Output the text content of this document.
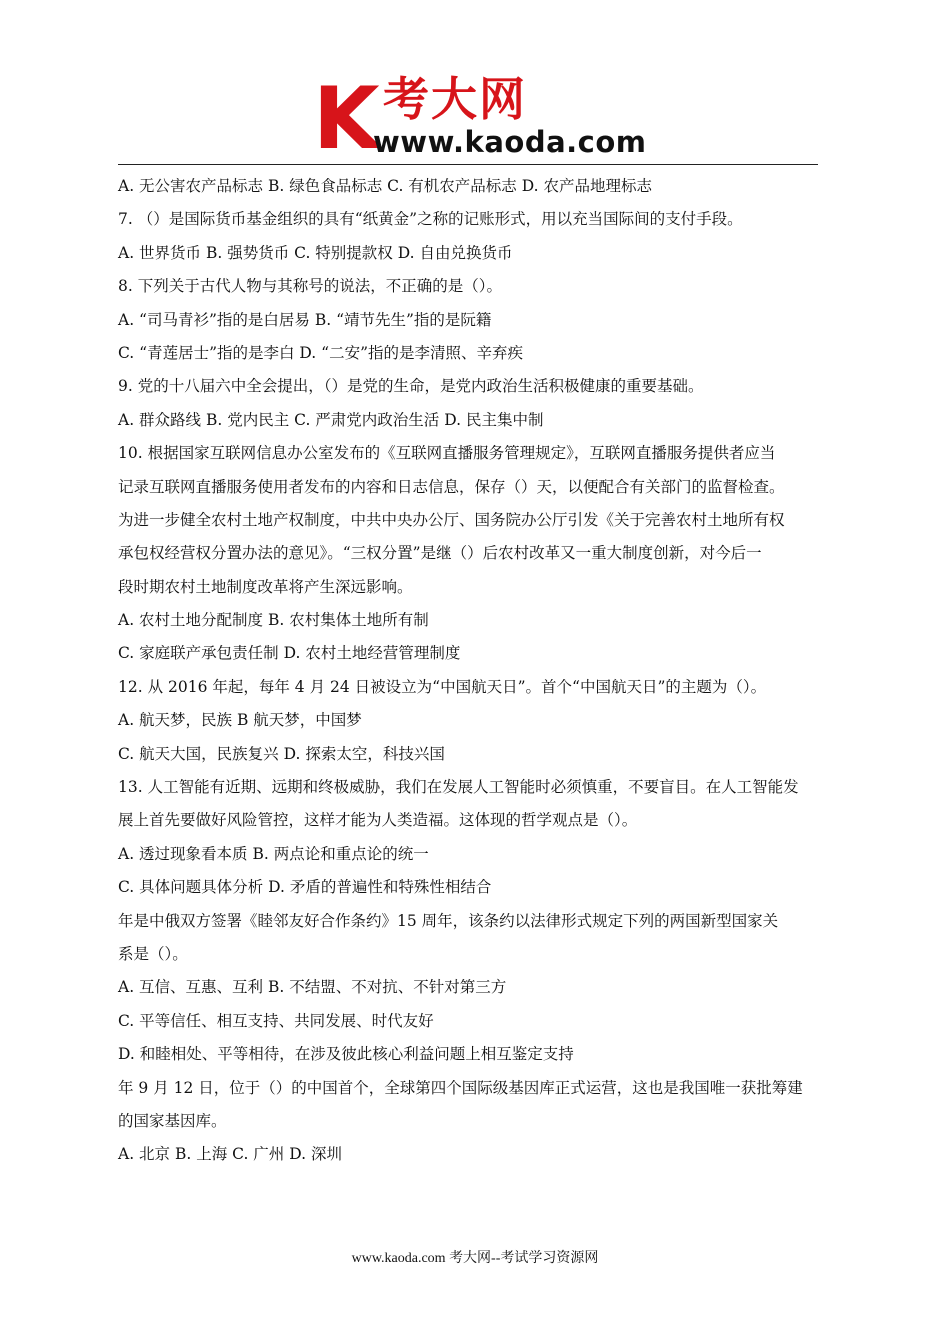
K 考大网
www.kaoda.com
A. 无公害农产品标志 B. 绿色食品标志 C. 有机农产品标志 D. 农产品地理标志
7. （）是国际货币基金组织的具有“纸黄金”之称的记账形式，用以充当国际间的支付手段。
A. 世界货币 B. 强势货币 C. 特别提款权 D. 自由兑换货币
8. 下列关于古代人物与其称号的说法，不正确的是（）。
A. “司马青衫”指的是白居易 B. “靖节先生”指的是阮籍
C. “青莲居士”指的是李白 D. “二安”指的是李清照、辛弃疾
9. 党的十八届六中全会提出，（）是党的生命，是党内政治生活积极健康的重要基础。
A. 群众路线 B. 党内民主 C. 严肃党内政治生活 D. 民主集中制
10. 根据国家互联网信息办公室发布的《互联网直播服务管理规定》，互联网直播服务提供者应当
记录互联网直播服务使用者发布的内容和日志信息，保存（）天，以便配合有关部门的监督检查。
为进一步健全农村土地产权制度，中共中央办公厅、国务院办公厅引发《关于完善农村土地所有权
承包权经营权分置办法的意见》。“三权分置”是继（）后农村改革又一重大制度创新，对今后一
段时期农村土地制度改革将产生深远影响。
A. 农村土地分配制度 B. 农村集体土地所有制
C. 家庭联产承包责任制 D. 农村土地经营管理制度
12. 从 2016 年起，每年 4 月 24 日被设立为“中国航天日”。首个“中国航天日”的主题为（）。
A. 航天梦，民族 B 航天梦，中国梦
C. 航天大国，民族复兴 D. 探索太空，科技兴国
13. 人工智能有近期、远期和终极威胁，我们在发展人工智能时必须慎重，不要盲目。在人工智能发
展上首先要做好风险管控，这样才能为人类造福。这体现的哲学观点是（）。
A. 透过现象看本质 B. 两点论和重点论的统一
C. 具体问题具体分析 D. 矛盾的普遍性和特殊性相结合
年是中俄双方签署《睦邻友好合作条约》15 周年，该条约以法律形式规定下列的两国新型国家关
系是（）。
A. 互信、互惠、互利 B. 不结盟、不对抗、不针对第三方
C. 平等信任、相互支持、共同发展、时代友好
D. 和睦相处、平等相待，在涉及彼此核心利益问题上相互鉴定支持
年 9 月 12 日，位于（）的中国首个，全球第四个国际级基因库正式运营，这也是我国唯一获批筹建
的国家基因库。
A. 北京 B. 上海 C. 广州 D. 深圳
www.kaoda.com 考大网--考试学习资源网
